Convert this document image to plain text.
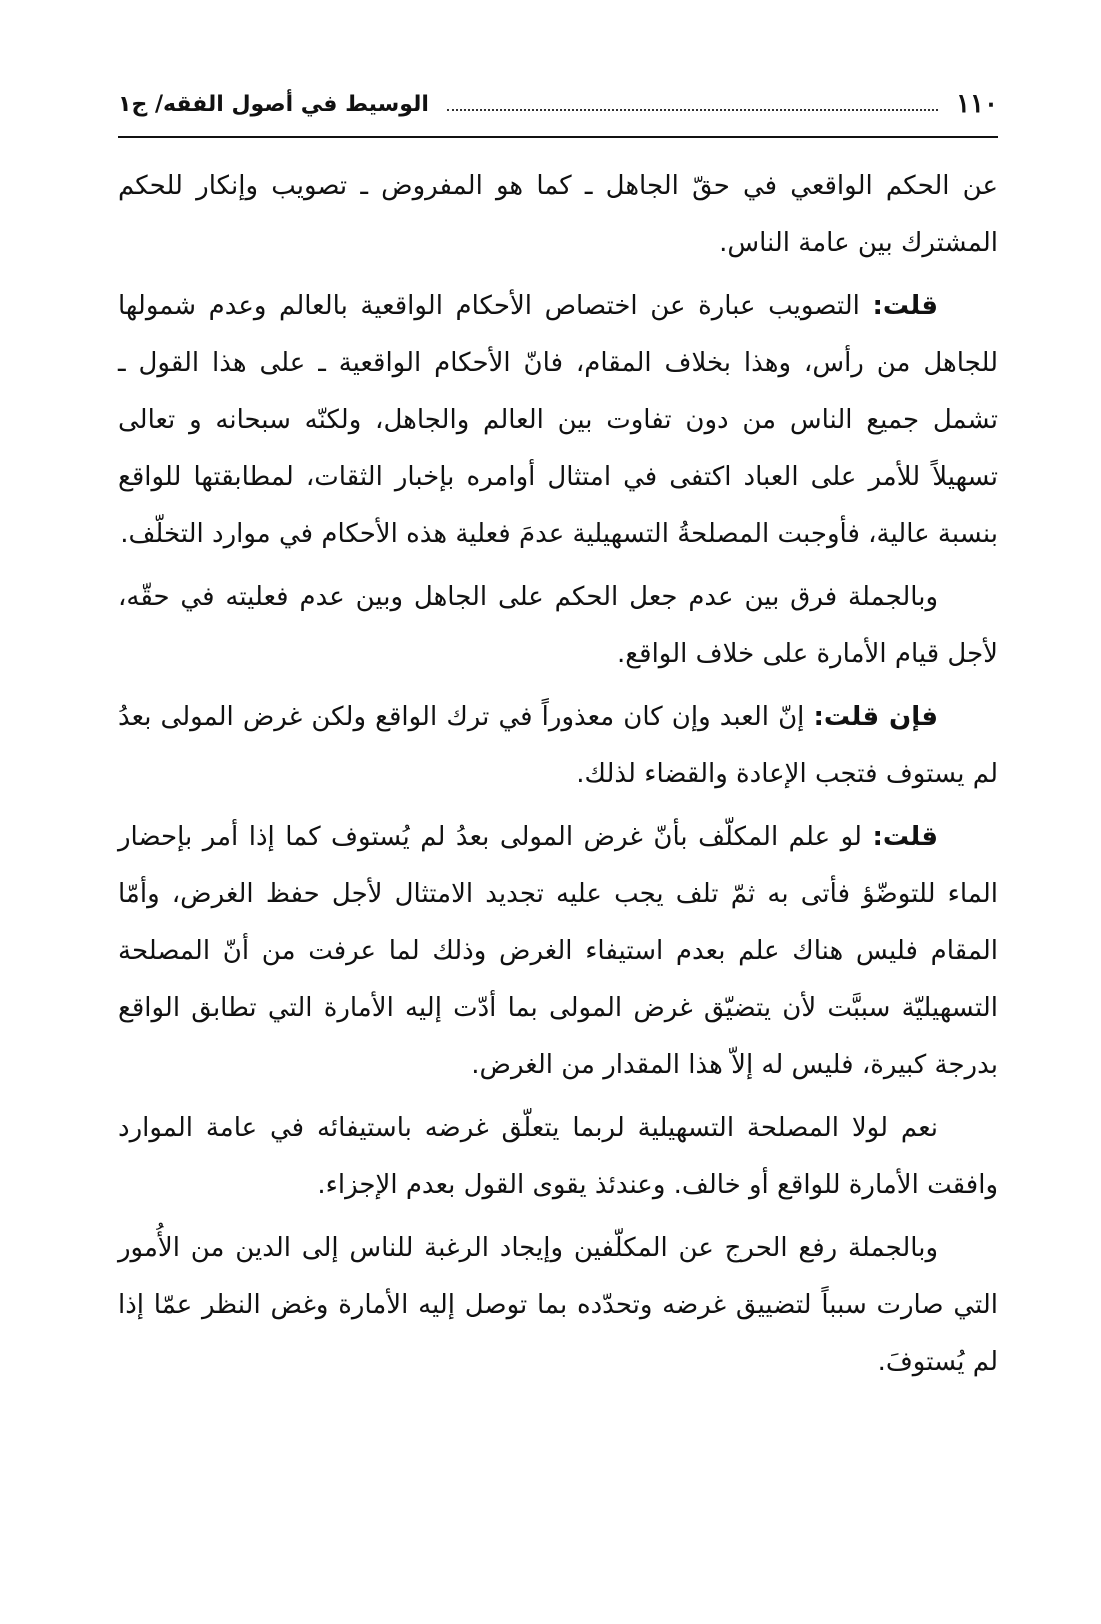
١١٠
الوسيط في أصول الفقه/ ج١

عن الحكم الواقعي في حقّ الجاهل ـ كما هو المفروض ـ تصويب وإنكار للحكم المشترك بين عامة الناس.

قلت: التصويب عبارة عن اختصاص الأحكام الواقعية بالعالم وعدم شمولها للجاهل من رأس، وهذا بخلاف المقام، فانّ الأحكام الواقعية ـ على هذا القول ـ تشمل جميع الناس من دون تفاوت بين العالم والجاهل، ولكنّه سبحانه و تعالى تسهيلاً للأمر على العباد اكتفى في امتثال أوامره بإخبار الثقات، لمطابقتها للواقع بنسبة عالية، فأوجبت المصلحةُ التسهيلية عدمَ فعلية هذه الأحكام في موارد التخلّف.

وبالجملة فرق بين عدم جعل الحكم على الجاهل وبين عدم فعليته في حقّه، لأجل قيام الأمارة على خلاف الواقع.

فإن قلت: إنّ العبد وإن كان معذوراً في ترك الواقع ولكن غرض المولى بعدُ لم يستوف فتجب الإعادة والقضاء لذلك.

قلت: لو علم المكلّف بأنّ غرض المولى بعدُ لم يُستوف كما إذا أمر بإحضار الماء للتوضّؤ فأتى به ثمّ تلف يجب عليه تجديد الامتثال لأجل حفظ الغرض، وأمّا المقام فليس هناك علم بعدم استيفاء الغرض وذلك لما عرفت من أنّ المصلحة التسهيليّة سببَّت لأن يتضيّق غرض المولى بما أدّت إليه الأمارة التي تطابق الواقع بدرجة كبيرة، فليس له إلاّ هذا المقدار من الغرض.

نعم لولا المصلحة التسهيلية لربما يتعلّق غرضه باستيفائه في عامة الموارد وافقت الأمارة للواقع أو خالف. وعندئذ يقوى القول بعدم الإجزاء.

وبالجملة رفع الحرج عن المكلّفين وإيجاد الرغبة للناس إلى الدين من الأُمور التي صارت سبباً لتضييق غرضه وتحدّده بما توصل إليه الأمارة وغض النظر عمّا إذا لم يُستوفَ.
